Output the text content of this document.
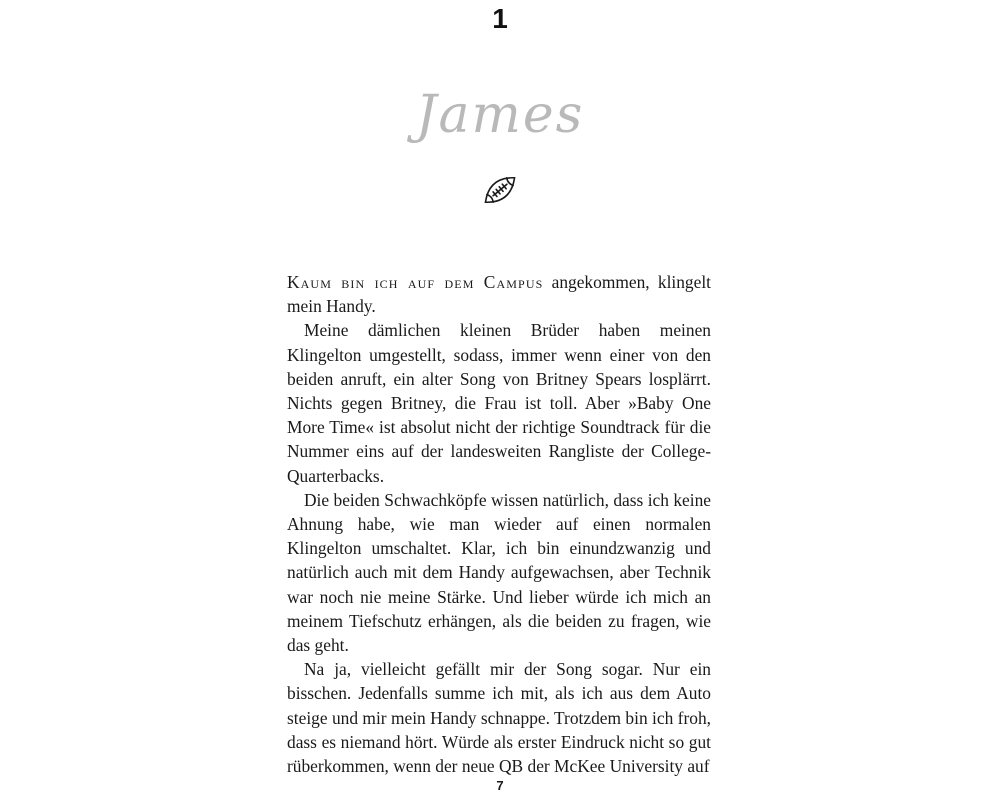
1
James

Kaum bin ich auf dem Campus angekommen, klingelt mein Handy.

Meine dämlichen kleinen Brüder haben meinen Klingelton umgestellt, sodass, immer wenn einer von den beiden anruft, ein alter Song von Britney Spears losplärrt. Nichts gegen Britney, die Frau ist toll. Aber »Baby One More Time« ist absolut nicht der richtige Soundtrack für die Nummer eins auf der landesweiten Rangliste der College-Quarterbacks.

Die beiden Schwachköpfe wissen natürlich, dass ich keine Ahnung habe, wie man wieder auf einen normalen Klingelton umschaltet. Klar, ich bin einundzwanzig und natürlich auch mit dem Handy aufgewachsen, aber Technik war noch nie meine Stärke. Und lieber würde ich mich an meinem Tiefschutz erhängen, als die beiden zu fragen, wie das geht.

Na ja, vielleicht gefällt mir der Song sogar. Nur ein bisschen. Jedenfalls summe ich mit, als ich aus dem Auto steige und mir mein Handy schnappe. Trotzdem bin ich froh, dass es niemand hört. Würde als erster Eindruck nicht so gut rüberkommen, wenn der neue QB der McKee University auf

7
